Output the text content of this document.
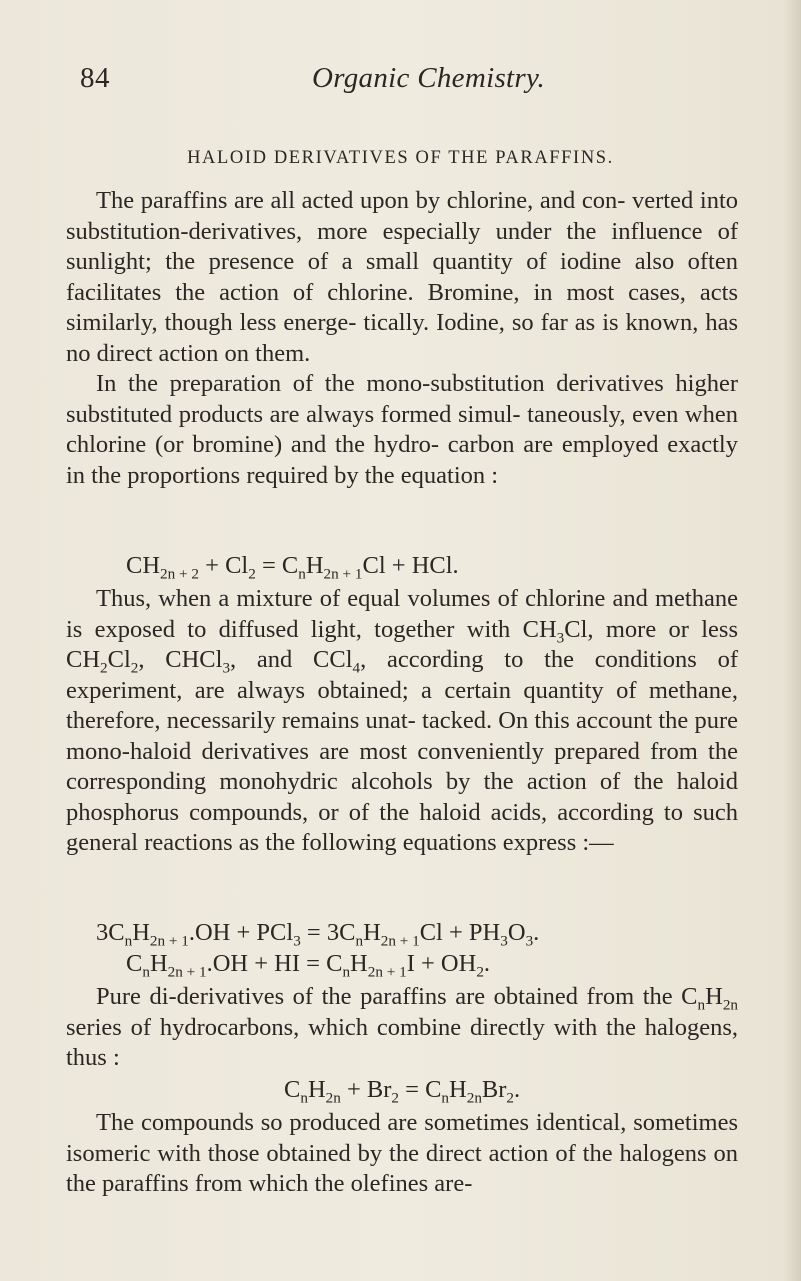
84	Organic Chemistry.
HALOID DERIVATIVES OF THE PARAFFINS.

The paraffins are all acted upon by chlorine, and con- verted into substitution-derivatives, more especially under the influence of sunlight; the presence of a small quantity of iodine also often facilitates the action of chlorine. Bromine, in most cases, acts similarly, though less energe- tically. Iodine, so far as is known, has no direct action on them.

In the preparation of the mono-substitution derivatives higher substituted products are always formed simul- taneously, even when chlorine (or bromine) and the hydro- carbon are employed exactly in the proportions required by the equation :

$CH_{2n + 2} + Cl_2 = C_nH_{2n + 1}Cl$ + HCl.

Thus, when a mixture of equal volumes of chlorine and methane is exposed to diffused light, together with $CH_3Cl$, more or less $CH_2Cl_2$, CHCl$_3$, and CCl$_4$, according to the conditions of experiment, are always obtained; a certain quantity of methane, therefore, necessarily remains unat- tacked. On this account the pure mono-haloid derivatives are most conveniently prepared from the corresponding monohydric alcohols by the action of the haloid phosphorus compounds, or of the haloid acids, according to such general reactions as the following equations express :—

$3C_nH_{2n + 1}.OH + PCl_3 = 3C_nH_{2n + 1}Cl + PH_3O_3$.
$C_nH_{2n + 1}.OH$ + HI = $C_nH_{2n + 1}I + OH_2$.

Pure di-derivatives of the paraffins are obtained from the $C_nH_{2n}$ series of hydrocarbons, which combine directly with the halogens, thus :

$C_nH_{2n} + Br_2 = C_nH_{2n}Br_2$.

The compounds so produced are sometimes identical, sometimes isomeric with those obtained by the direct action of the halogens on the paraffins from which the olefines are-
